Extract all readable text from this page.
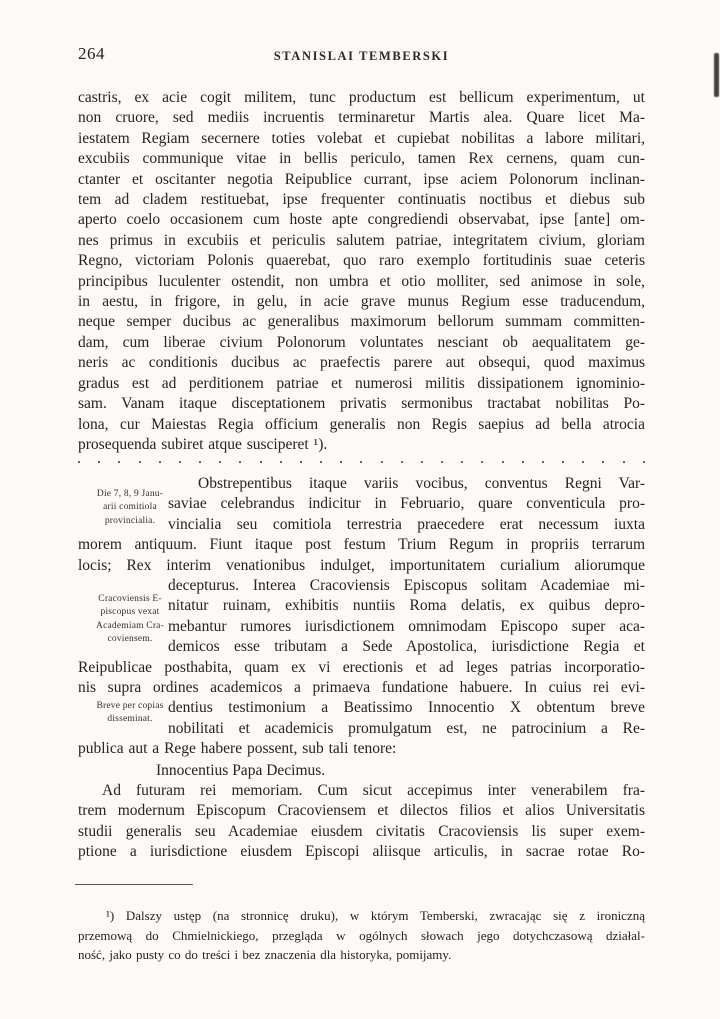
264	STANISLAI TEMBERSKI
castris, ex acie cogit militem, tunc productum est bellicum experimentum, ut
non cruore, sed mediis incruentis terminaretur Martis alea. Quare licet Ma-
iestatem Regiam secernere toties volebat et cupiebat nobilitas a labore militari,
excubiis communique vitae in bellis periculo, tamen Rex cernens, quam cun-
ctanter et oscitanter negotia Reipublice currant, ipse aciem Polonorum inclinan-
tem ad cladem restituebat, ipse frequenter continuatis noctibus et diebus sub
aperto coelo occasionem cum hoste apte congrediendi observabat, ipse [ante] om-
nes primus in excubiis et periculis salutem patriae, integritatem civium, gloriam
Regno, victoriam Polonis quaerebat, quo raro exemplo fortitudinis suae ceteris
principibus luculenter ostendit, non umbra et otio molliter, sed animose in sole,
in aestu, in frigore, in gelu, in acie grave munus Regium esse traducendum,
neque semper ducibus ac generalibus maximorum bellorum summam committen-
dam, cum liberae civium Polonorum voluntates nesciant ob aequalitatem ge-
neris ac conditionis ducibus ac praefectis parere aut obsequi, quod maximus
gradus est ad perditionem patriae et numerosi militis dissipationem ignominio-
sam. Vanam itaque disceptationem privatis sermonibus tractabat nobilitas Po-
lona, cur Maiestas Regia officium generalis non Regis saepius ad bella atrocia
prosequenda subiret atque susciperet ¹).
Die 7, 8, 9 Janu-
arii comitiola
provincialia.
Cracoviensis E-
piscopus vexat
Academiam Cra-
coviensem.
Breve per copias
disseminat.
Obstrepentibus itaque variis vocibus, conventus Regni Var-
saviae celebrandus indicitur in Februario, quare conventicula pro-
vincialia seu comitiola terrestria praecedere erat necessum iuxta
morem antiquum. Fiunt itaque post festum Trium Regum in propriis terrarum
locis; Rex interim venationibus indulget, importunitatem curialium aliorumque
decepturus. Interea Cracoviensis Episcopus solitam Academiae mi-
nitatur ruinam, exhibitis nuntiis Roma delatis, ex quibus depro-
mebantur rumores iurisdictionem omnimodam Episcopo super aca-
demicos esse tributam a Sede Apostolica, iurisdictione Regia et
Reipublicae posthabita, quam ex vi erectionis et ad leges patrias incorporatio-
nis supra ordines academicos a primaeva fundatione habuere. In cuius rei evi-
dentius testimonium a Beatissimo Innocentio X obtentum breve
nobilitati et academicis promulgatum est, ne patrocinium a Re-
publica aut a Rege habere possent, sub tali tenore:
Innocentius Papa Decimus.
Ad futuram rei memoriam. Cum sicut accepimus inter venerabilem fra-
trem modernum Episcopum Cracoviensem et dilectos filios et alios Universitatis
studii generalis seu Academiae eiusdem civitatis Cracoviensis lis super exem-
ptione a iurisdictione eiusdem Episcopi aliisque articulis, in sacrae rotae Ro-
¹) Dalszy ustęp (na stronnicę druku), w którym Temberski, zwracając się z ironiczną
przemową do Chmielnickiego, przegląda w ogólnych słowach jego dotychczasową działal-
ność, jako pusty co do treści i bez znaczenia dla historyka, pomijamy.
